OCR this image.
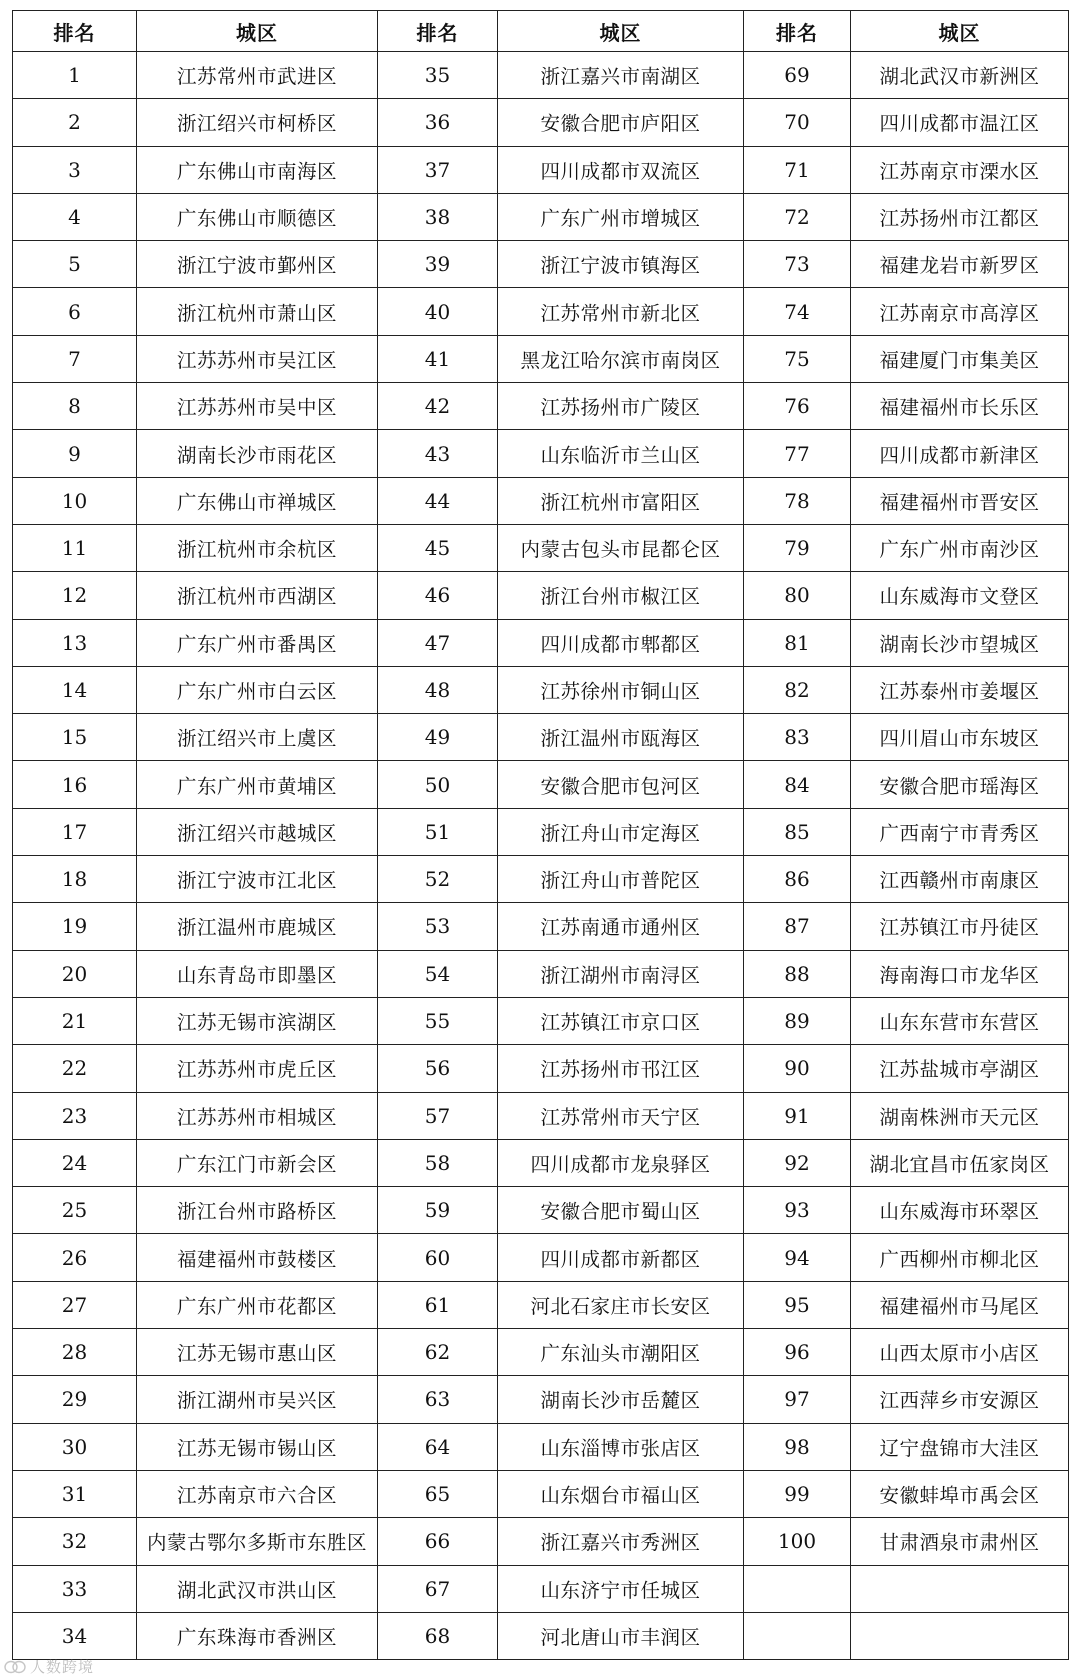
排名	城区	排名	城区	排名	城区
1	江苏常州市武进区	35	浙江嘉兴市南湖区	69	湖北武汉市新洲区
2	浙江绍兴市柯桥区	36	安徽合肥市庐阳区	70	四川成都市温江区
3	广东佛山市南海区	37	四川成都市双流区	71	江苏南京市溧水区
4	广东佛山市顺德区	38	广东广州市增城区	72	江苏扬州市江都区
5	浙江宁波市鄞州区	39	浙江宁波市镇海区	73	福建龙岩市新罗区
6	浙江杭州市萧山区	40	江苏常州市新北区	74	江苏南京市高淳区
7	江苏苏州市吴江区	41	黑龙江哈尔滨市南岗区	75	福建厦门市集美区
8	江苏苏州市吴中区	42	江苏扬州市广陵区	76	福建福州市长乐区
9	湖南长沙市雨花区	43	山东临沂市兰山区	77	四川成都市新津区
10	广东佛山市禅城区	44	浙江杭州市富阳区	78	福建福州市晋安区
11	浙江杭州市余杭区	45	内蒙古包头市昆都仑区	79	广东广州市南沙区
12	浙江杭州市西湖区	46	浙江台州市椒江区	80	山东威海市文登区
13	广东广州市番禺区	47	四川成都市郫都区	81	湖南长沙市望城区
14	广东广州市白云区	48	江苏徐州市铜山区	82	江苏泰州市姜堰区
15	浙江绍兴市上虞区	49	浙江温州市瓯海区	83	四川眉山市东坡区
16	广东广州市黄埔区	50	安徽合肥市包河区	84	安徽合肥市瑶海区
17	浙江绍兴市越城区	51	浙江舟山市定海区	85	广西南宁市青秀区
18	浙江宁波市江北区	52	浙江舟山市普陀区	86	江西赣州市南康区
19	浙江温州市鹿城区	53	江苏南通市通州区	87	江苏镇江市丹徒区
20	山东青岛市即墨区	54	浙江湖州市南浔区	88	海南海口市龙华区
21	江苏无锡市滨湖区	55	江苏镇江市京口区	89	山东东营市东营区
22	江苏苏州市虎丘区	56	江苏扬州市邗江区	90	江苏盐城市亭湖区
23	江苏苏州市相城区	57	江苏常州市天宁区	91	湖南株洲市天元区
24	广东江门市新会区	58	四川成都市龙泉驿区	92	湖北宜昌市伍家岗区
25	浙江台州市路桥区	59	安徽合肥市蜀山区	93	山东威海市环翠区
26	福建福州市鼓楼区	60	四川成都市新都区	94	广西柳州市柳北区
27	广东广州市花都区	61	河北石家庄市长安区	95	福建福州市马尾区
28	江苏无锡市惠山区	62	广东汕头市潮阳区	96	山西太原市小店区
29	浙江湖州市吴兴区	63	湖南长沙市岳麓区	97	江西萍乡市安源区
30	江苏无锡市锡山区	64	山东淄博市张店区	98	辽宁盘锦市大洼区
31	江苏南京市六合区	65	山东烟台市福山区	99	安徽蚌埠市禹会区
32	内蒙古鄂尔多斯市东胜区	66	浙江嘉兴市秀洲区	100	甘肃酒泉市肃州区
33	湖北武汉市洪山区	67	山东济宁市任城区		
34	广东珠海市香洲区	68	河北唐山市丰润区		
人数跨境
